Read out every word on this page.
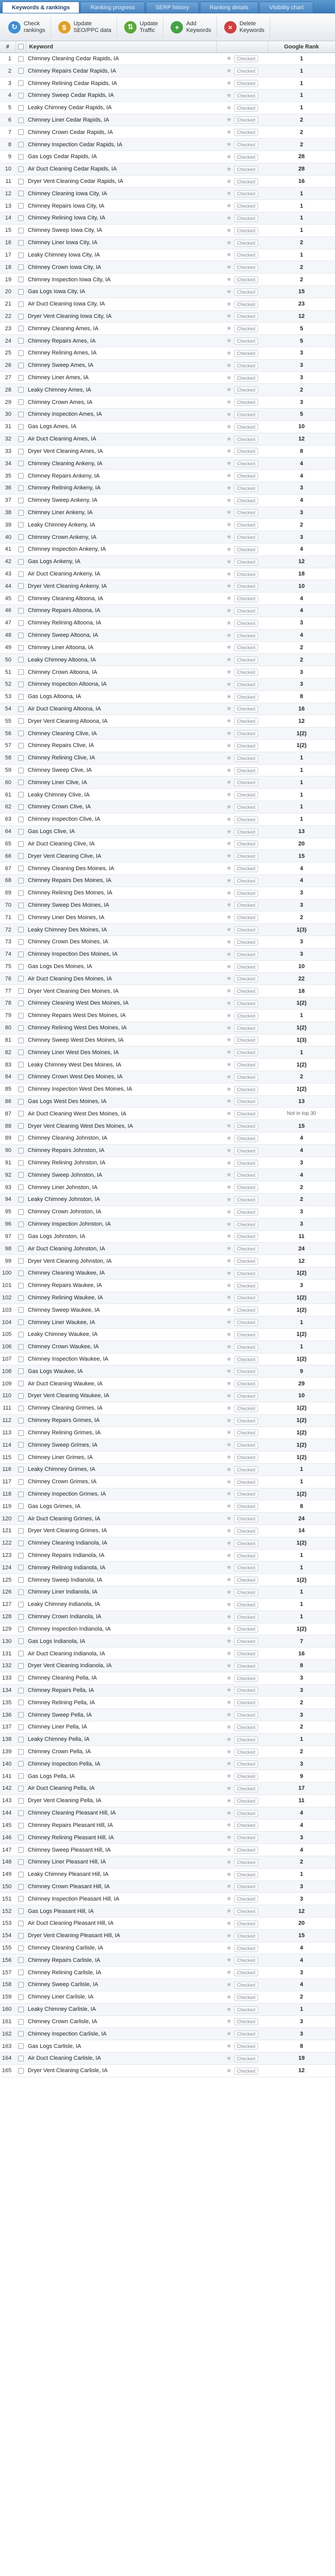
Keywords & rankings	Ranking progress	SERP history	Ranking details	Visibility chart
↻	Check
rankings	$	Update
SEO/PPC data	⇅	Update
Traffic	+	Add
Keywords	×	Delete
Keywords
#		Keyword		Google Rank
1		Chimney Cleaning Cedar Rapids, IA	★ Checked	1
2		Chimney Repairs Cedar Rapids, IA	★ Checked	1
3		Chimney Relining Cedar Rapids, IA	★ Checked	1
4		Chimney Sweep Cedar Rapids, IA	★ Checked	1
5		Leaky Chimney Cedar Rapids, IA	★ Checked	1
6		Chimney Liner Cedar Rapids, IA	★ Checked	2
7		Chimney Crown Cedar Rapids, IA	★ Checked	2
8		Chimney Inspection Cedar Rapids, IA	★ Checked	2
9		Gas Logs Cedar Rapids, IA	★ Checked	28
10		Air Duct Cleaning Cedar Rapids, IA	★ Checked	28
11		Dryer Vent Cleaning Cedar Rapids, IA	★ Checked	16
12		Chimney Cleaning Iowa City, IA	★ Checked	1
13		Chimney Repairs Iowa City, IA	★ Checked	1
14		Chimney Relining Iowa City, IA	★ Checked	1
15		Chimney Sweep Iowa City, IA	★ Checked	1
16		Chimney Liner Iowa City, IA	★ Checked	2
17		Leaky Chimney Iowa City, IA	★ Checked	1
18		Chimney Crown Iowa City, IA	★ Checked	2
19		Chimney Inspection Iowa City, IA	★ Checked	2
20		Gas Logs Iowa City, IA	★ Checked	15
21		Air Duct Cleaning Iowa City, IA	★ Checked	23
22		Dryer Vent Cleaning Iowa City, IA	★ Checked	12
23		Chimney Cleaning Ames, IA	★ Checked	5
24		Chimney Repairs Ames, IA	★ Checked	5
25		Chimney Relining Ames, IA	★ Checked	3
26		Chimney Sweep Ames, IA	★ Checked	3
27		Chimney Liner Ames, IA	★ Checked	3
28		Leaky Chimney Ames, IA	★ Checked	2
29		Chimney Crown Ames, IA	★ Checked	3
30		Chimney Inspection Ames, IA	★ Checked	5
31		Gas Logs Ames, IA	★ Checked	10
32		Air Duct Cleaning Ames, IA	★ Checked	12
33		Dryer Vent Cleaning Ames, IA	★ Checked	8
34		Chimney Cleaning Ankeny, IA	★ Checked	4
35		Chimney Repairs Ankeny, IA	★ Checked	4
36		Chimney Relining Ankeny, IA	★ Checked	3
37		Chimney Sweep Ankeny, IA	★ Checked	4
38		Chimney Liner Ankeny, IA	★ Checked	3
39		Leaky Chimney Ankeny, IA	★ Checked	2
40		Chimney Crown Ankeny, IA	★ Checked	3
41		Chimney Inspection Ankeny, IA	★ Checked	4
42		Gas Logs Ankeny, IA	★ Checked	12
43		Air Duct Cleaning Ankeny, IA	★ Checked	18
44		Dryer Vent Cleaning Ankeny, IA	★ Checked	10
45		Chimney Cleaning Altoona, IA	★ Checked	4
46		Chimney Repairs Altoona, IA	★ Checked	4
47		Chimney Relining Altoona, IA	★ Checked	3
48		Chimney Sweep Altoona, IA	★ Checked	4
49		Chimney Liner Altoona, IA	★ Checked	2
50		Leaky Chimney Altoona, IA	★ Checked	2
51		Chimney Crown Altoona, IA	★ Checked	3
52		Chimney Inspection Altoona, IA	★ Checked	3
53		Gas Logs Altoona, IA	★ Checked	8
54		Air Duct Cleaning Altoona, IA	★ Checked	16
55		Dryer Vent Cleaning Altoona, IA	★ Checked	12
56		Chimney Cleaning Clive, IA	★ Checked	1(2)
57		Chimney Repairs Clive, IA	★ Checked	1(2)
58		Chimney Relining Clive, IA	★ Checked	1
59		Chimney Sweep Clive, IA	★ Checked	1
60		Chimney Liner Clive, IA	★ Checked	1
61		Leaky Chimney Clive, IA	★ Checked	1
62		Chimney Crown Clive, IA	★ Checked	1
63		Chimney Inspection Clive, IA	★ Checked	1
64		Gas Logs Clive, IA	★ Checked	13
65		Air Duct Cleaning Clive, IA	★ Checked	20
66		Dryer Vent Cleaning Clive, IA	★ Checked	15
67		Chimney Cleaning Des Moines, IA	★ Checked	4
68		Chimney Repairs Des Moines, IA	★ Checked	4
69		Chimney Relining Des Moines, IA	★ Checked	3
70		Chimney Sweep Des Moines, IA	★ Checked	3
71		Chimney Liner Des Moines, IA	★ Checked	2
72		Leaky Chimney Des Moines, IA	★ Checked	1(3)
73		Chimney Crown Des Moines, IA	★ Checked	3
74		Chimney Inspection Des Moines, IA	★ Checked	3
75		Gas Logs Des Moines, IA	★ Checked	10
76		Air Duct Cleaning Des Moines, IA	★ Checked	22
77		Dryer Vent Cleaning Des Moines, IA	★ Checked	18
78		Chimney Cleaning West Des Moines, IA	★ Checked	1(2)
79		Chimney Repairs West Des Moines, IA	★ Checked	1
80		Chimney Relining West Des Moines, IA	★ Checked	1(2)
81		Chimney Sweep West Des Moines, IA	★ Checked	1(3)
82		Chimney Liner West Des Moines, IA	★ Checked	1
83		Leaky Chimney West Des Moines, IA	★ Checked	1(2)
84		Chimney Crown West Des Moines, IA	★ Checked	2
85		Chimney Inspection West Des Moines, IA	★ Checked	1(2)
86		Gas Logs West Des Moines, IA	★ Checked	13
87		Air Duct Cleaning West Des Moines, IA	★ Checked	Not in top 30
88		Dryer Vent Cleaning West Des Moines, IA	★ Checked	15
89		Chimney Cleaning Johnston, IA	★ Checked	4
90		Chimney Repairs Johnston, IA	★ Checked	4
91		Chimney Relining Johnston, IA	★ Checked	3
92		Chimney Sweep Johnston, IA	★ Checked	4
93		Chimney Liner Johnston, IA	★ Checked	2
94		Leaky Chimney Johnston, IA	★ Checked	2
95		Chimney Crown Johnston, IA	★ Checked	3
96		Chimney Inspection Johnston, IA	★ Checked	3
97		Gas Logs Johnston, IA	★ Checked	11
98		Air Duct Cleaning Johnston, IA	★ Checked	24
99		Dryer Vent Cleaning Johnston, IA	★ Checked	12
100		Chimney Cleaning Waukee, IA	★ Checked	1(2)
101		Chimney Repairs Waukee, IA	★ Checked	3
102		Chimney Relining Waukee, IA	★ Checked	1(2)
103		Chimney Sweep Waukee, IA	★ Checked	1(2)
104		Chimney Liner Waukee, IA	★ Checked	1
105		Leaky Chimney Waukee, IA	★ Checked	1(2)
106		Chimney Crown Waukee, IA	★ Checked	1
107		Chimney Inspection Waukee, IA	★ Checked	1(2)
108		Gas Logs Waukee, IA	★ Checked	9
109		Air Duct Cleaning Waukee, IA	★ Checked	29
110		Dryer Vent Cleaning Waukee, IA	★ Checked	10
111		Chimney Cleaning Grimes, IA	★ Checked	1(2)
112		Chimney Repairs Grimes, IA	★ Checked	1(2)
113		Chimney Relining Grimes, IA	★ Checked	1(2)
114		Chimney Sweep Grimes, IA	★ Checked	1(2)
115		Chimney Liner Grimes, IA	★ Checked	1(2)
116		Leaky Chimney Grimes, IA	★ Checked	1
117		Chimney Crown Grimes, IA	★ Checked	1
118		Chimney Inspection Grimes, IA	★ Checked	1(2)
119		Gas Logs Grimes, IA	★ Checked	8
120		Air Duct Cleaning Grimes, IA	★ Checked	24
121		Dryer Vent Cleaning Grimes, IA	★ Checked	14
122		Chimney Cleaning Indianola, IA	★ Checked	1(2)
123		Chimney Repairs Indianola, IA	★ Checked	1
124		Chimney Relining Indianola, IA	★ Checked	1
125		Chimney Sweep Indianola, IA	★ Checked	1(2)
126		Chimney Liner Indianola, IA	★ Checked	1
127		Leaky Chimney Indianola, IA	★ Checked	1
128		Chimney Crown Indianola, IA	★ Checked	1
129		Chimney Inspection Indianola, IA	★ Checked	1(2)
130		Gas Logs Indianola, IA	★ Checked	7
131		Air Duct Cleaning Indianola, IA	★ Checked	16
132		Dryer Vent Cleaning Indianola, IA	★ Checked	8
133		Chimney Cleaning Pella, IA	★ Checked	3
134		Chimney Repairs Pella, IA	★ Checked	3
135		Chimney Relining Pella, IA	★ Checked	2
136		Chimney Sweep Pella, IA	★ Checked	3
137		Chimney Liner Pella, IA	★ Checked	2
138		Leaky Chimney Pella, IA	★ Checked	1
139		Chimney Crown Pella, IA	★ Checked	2
140		Chimney Inspection Pella, IA	★ Checked	3
141		Gas Logs Pella, IA	★ Checked	9
142		Air Duct Cleaning Pella, IA	★ Checked	17
143		Dryer Vent Cleaning Pella, IA	★ Checked	11
144		Chimney Cleaning Pleasant Hill, IA	★ Checked	4
145		Chimney Repairs Pleasant Hill, IA	★ Checked	4
146		Chimney Relining Pleasant Hill, IA	★ Checked	3
147		Chimney Sweep Pleasant Hill, IA	★ Checked	4
148		Chimney Liner Pleasant Hill, IA	★ Checked	2
149		Leaky Chimney Pleasant Hill, IA	★ Checked	1
150		Chimney Crown Pleasant Hill, IA	★ Checked	3
151		Chimney Inspection Pleasant Hill, IA	★ Checked	3
152		Gas Logs Pleasant Hill, IA	★ Checked	12
153		Air Duct Cleaning Pleasant Hill, IA	★ Checked	20
154		Dryer Vent Cleaning Pleasant Hill, IA	★ Checked	15
155		Chimney Cleaning Carlisle, IA	★ Checked	4
156		Chimney Repairs Carlisle, IA	★ Checked	4
157		Chimney Relining Carlisle, IA	★ Checked	3
158		Chimney Sweep Carlisle, IA	★ Checked	4
159		Chimney Liner Carlisle, IA	★ Checked	2
160		Leaky Chimney Carlisle, IA	★ Checked	1
161		Chimney Crown Carlisle, IA	★ Checked	3
162		Chimney Inspection Carlisle, IA	★ Checked	3
163		Gas Logs Carlisle, IA	★ Checked	8
164		Air Duct Cleaning Carlisle, IA	★ Checked	19
165		Dryer Vent Cleaning Carlisle, IA	★ Checked	12
